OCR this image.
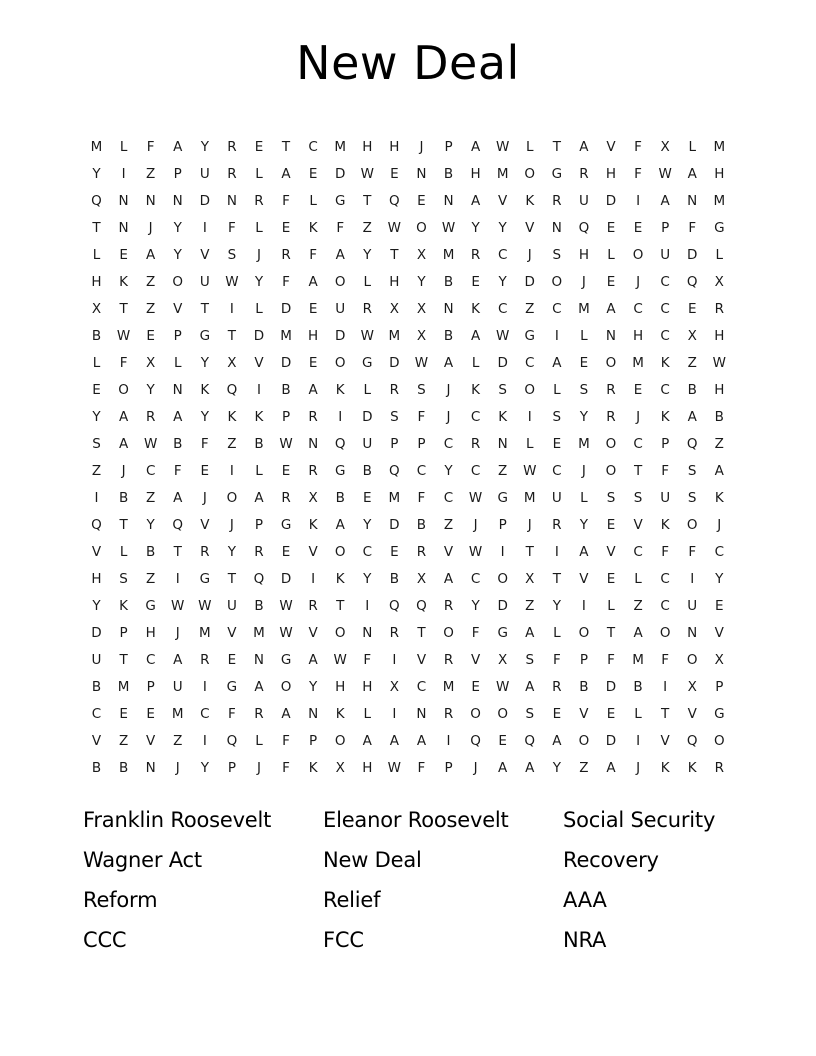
New Deal
M	L	F	A	Y	R	E	T	C	M	H	H	J	P	A	W	L	T	A	V	F	X	L	M
Y	I	Z	P	U	R	L	A	E	D	W	E	N	B	H	M	O	G	R	H	F	W	A	H
Q	N	N	N	D	N	R	F	L	G	T	Q	E	N	A	V	K	R	U	D	I	A	N	M
T	N	J	Y	I	F	L	E	K	F	Z	W	O	W	Y	Y	V	N	Q	E	E	P	F	G
L	E	A	Y	V	S	J	R	F	A	Y	T	X	M	R	C	J	S	H	L	O	U	D	L
H	K	Z	O	U	W	Y	F	A	O	L	H	Y	B	E	Y	D	O	J	E	J	C	Q	X
X	T	Z	V	T	I	L	D	E	U	R	X	X	N	K	C	Z	C	M	A	C	C	E	R
B	W	E	P	G	T	D	M	H	D	W	M	X	B	A	W	G	I	L	N	H	C	X	H
L	F	X	L	Y	X	V	D	E	O	G	D	W	A	L	D	C	A	E	O	M	K	Z	W
E	O	Y	N	K	Q	I	B	A	K	L	R	S	J	K	S	O	L	S	R	E	C	B	H
Y	A	R	A	Y	K	K	P	R	I	D	S	F	J	C	K	I	S	Y	R	J	K	A	B
S	A	W	B	F	Z	B	W	N	Q	U	P	P	C	R	N	L	E	M	O	C	P	Q	Z
Z	J	C	F	E	I	L	E	R	G	B	Q	C	Y	C	Z	W	C	J	O	T	F	S	A
I	B	Z	A	J	O	A	R	X	B	E	M	F	C	W	G	M	U	L	S	S	U	S	K
Q	T	Y	Q	V	J	P	G	K	A	Y	D	B	Z	J	P	J	R	Y	E	V	K	O	J
V	L	B	T	R	Y	R	E	V	O	C	E	R	V	W	I	T	I	A	V	C	F	F	C
H	S	Z	I	G	T	Q	D	I	K	Y	B	X	A	C	O	X	T	V	E	L	C	I	Y
Y	K	G	W	W	U	B	W	R	T	I	Q	Q	R	Y	D	Z	Y	I	L	Z	C	U	E
D	P	H	J	M	V	M	W	V	O	N	R	T	O	F	G	A	L	O	T	A	O	N	V
U	T	C	A	R	E	N	G	A	W	F	I	V	R	V	X	S	F	P	F	M	F	O	X
B	M	P	U	I	G	A	O	Y	H	H	X	C	M	E	W	A	R	B	D	B	I	X	P
C	E	E	M	C	F	R	A	N	K	L	I	N	R	O	O	S	E	V	E	L	T	V	G
V	Z	V	Z	I	Q	L	F	P	O	A	A	A	I	Q	E	Q	A	O	D	I	V	Q	O
B	B	N	J	Y	P	J	F	K	X	H	W	F	P	J	A	A	Y	Z	A	J	K	K	R
Franklin Roosevelt	Eleanor Roosevelt	Social Security
Wagner Act	New Deal	Recovery
Reform	Relief	AAA
CCC	FCC	NRA
